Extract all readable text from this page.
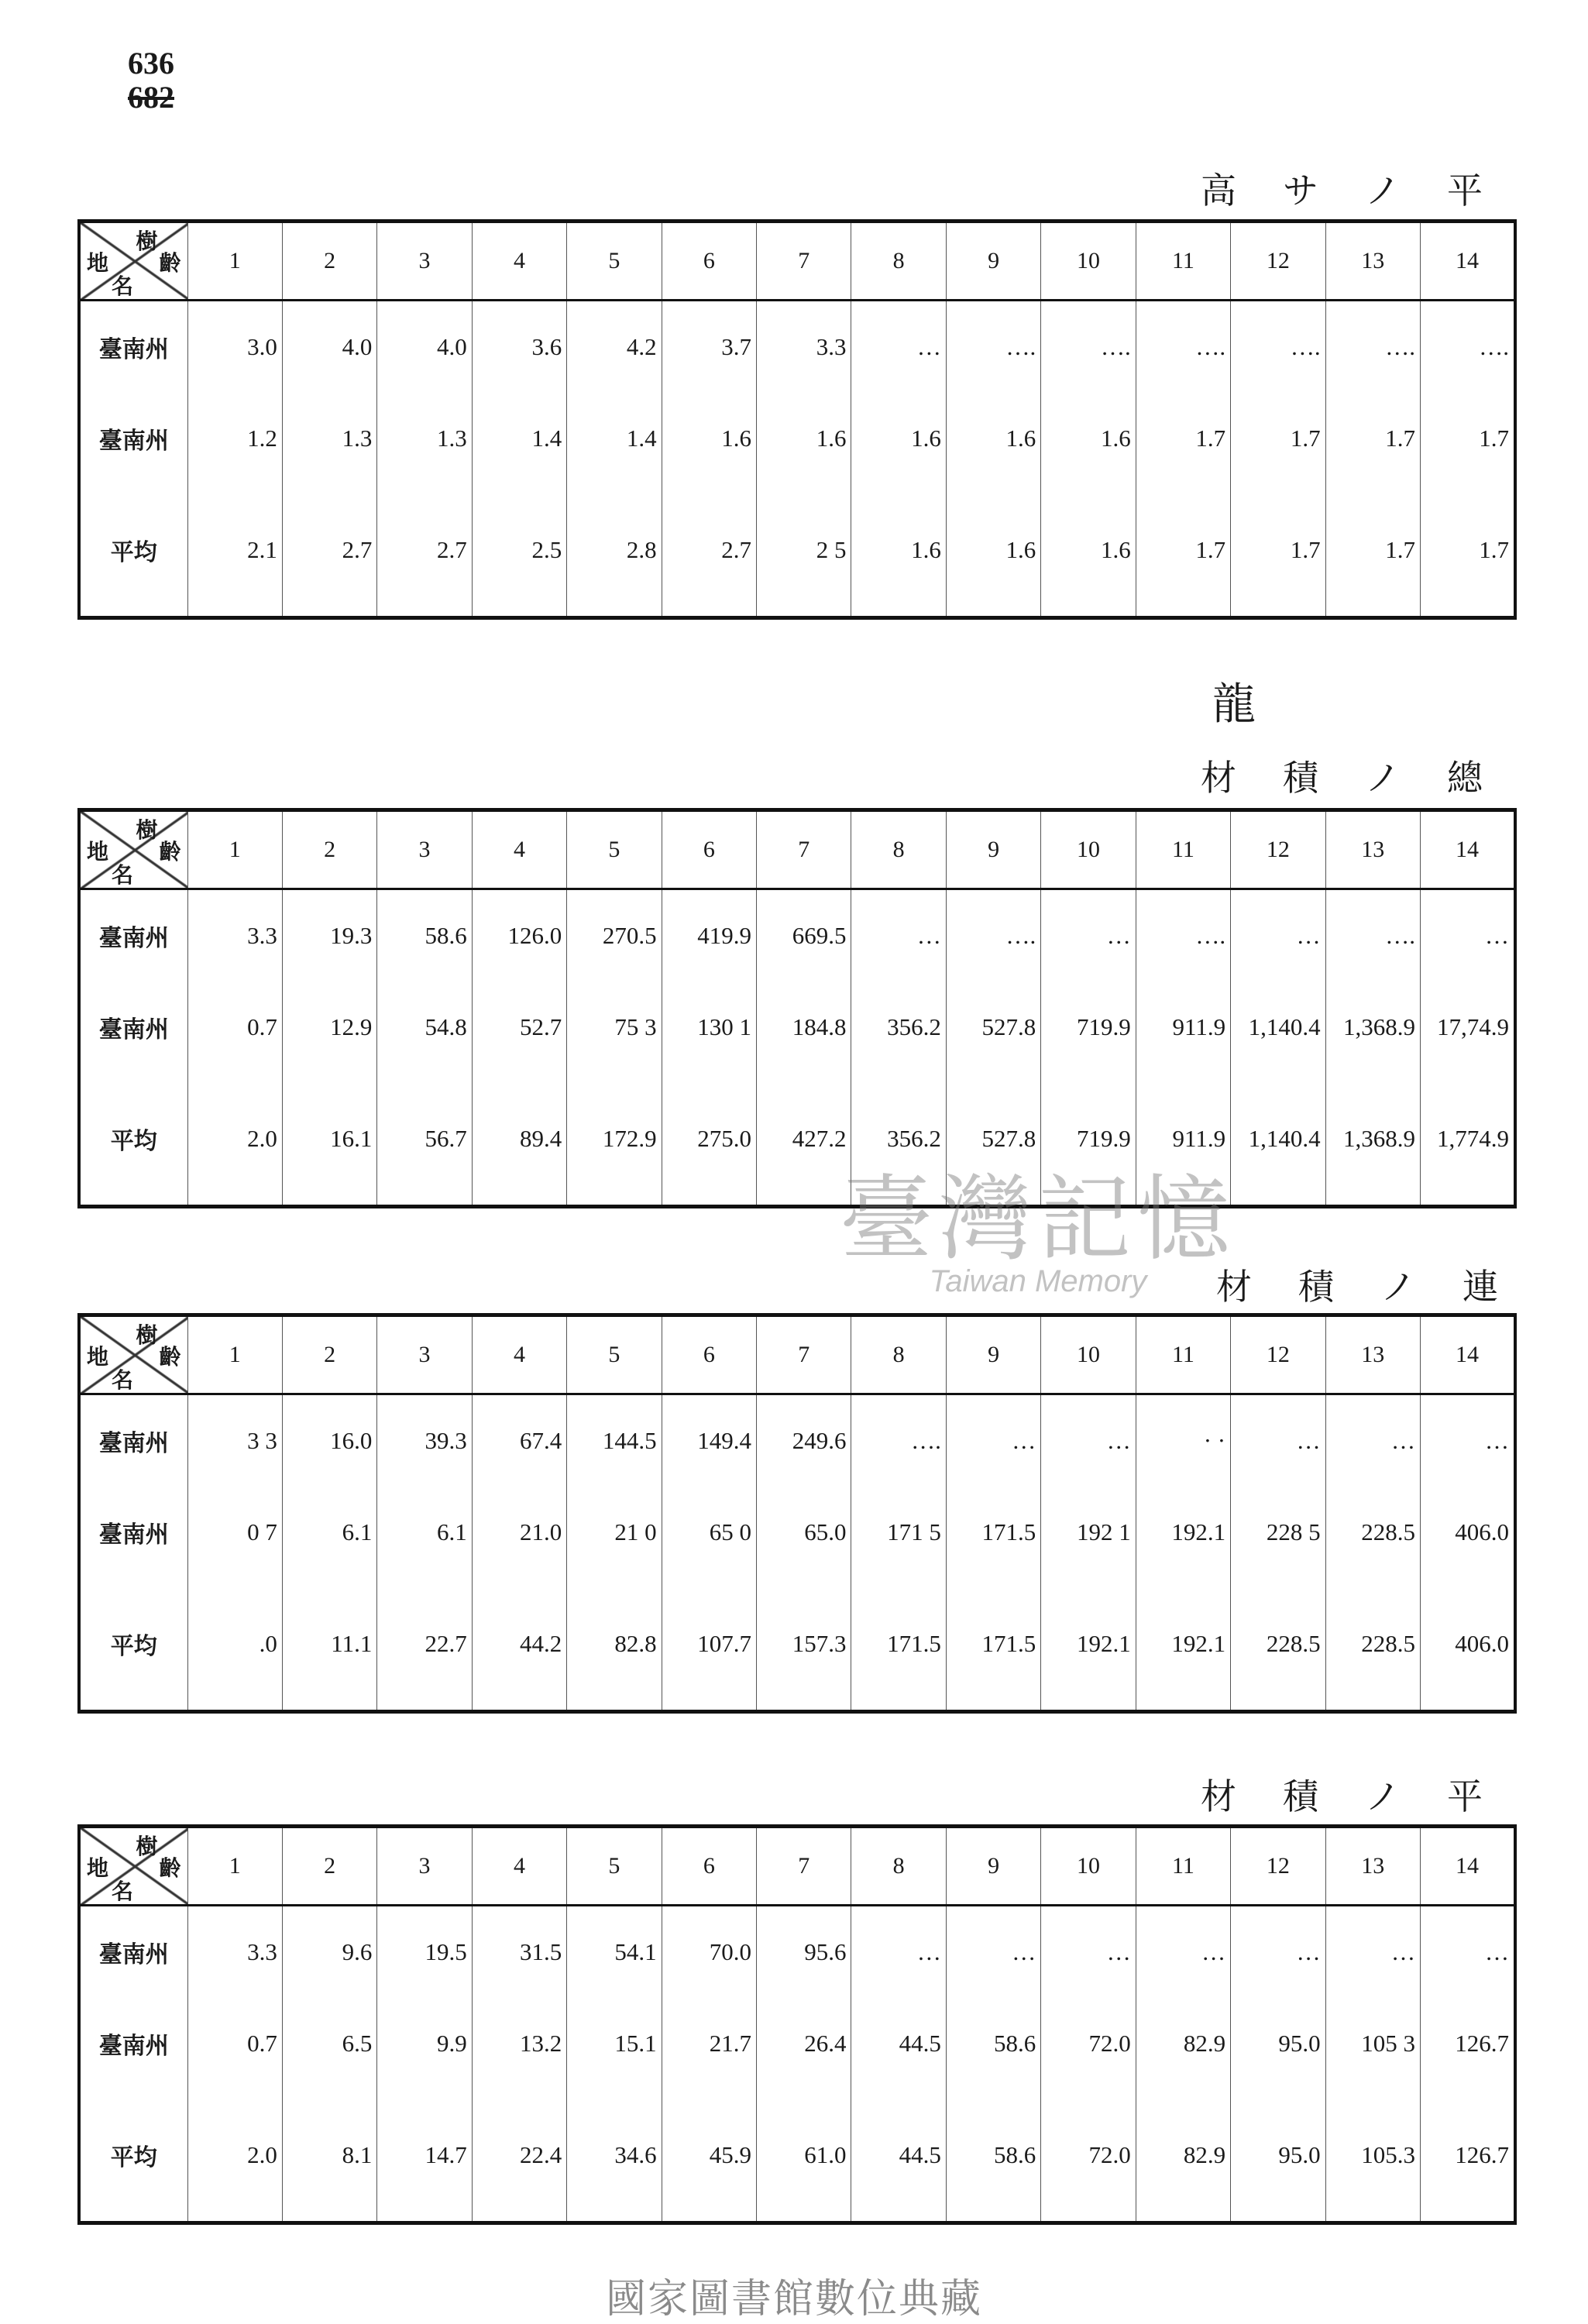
636
682
高 サ ノ 平
樹
齡
地
名	1	2	3	4	5	6	7	8	9	10	11	12	13	14
臺南州	3.0	4.0	4.0	3.6	4.2	3.7	3.3	…	….	….	….	….	….	….
臺南州	1.2	1.3	1.3	1.4	1.4	1.6	1.6	1.6	1.6	1.6	1.7	1.7	1.7	1.7
平均	2.1	2.7	2.7	2.5	2.8	2.7	2 5	1.6	1.6	1.6	1.7	1.7	1.7	1.7
龍
材 積 ノ 總
樹
齡
地
名	1	2	3	4	5	6	7	8	9	10	11	12	13	14
臺南州	3.3	19.3	58.6	126.0	270.5	419.9	669.5	…	….	…	….	…	….	…
臺南州	0.7	12.9	54.8	52.7	75 3	130 1	184.8	356.2	527.8	719.9	911.9	1,140.4	1,368.9	17,74.9
平均	2.0	16.1	56.7	89.4	172.9	275.0	427.2	356.2	527.8	719.9	911.9	1,140.4	1,368.9	1,774.9
材 積 ノ 連
樹
齡
地
名	1	2	3	4	5	6	7	8	9	10	11	12	13	14
臺南州	3 3	16.0	39.3	67.4	144.5	149.4	249.6	….	…	…	· ·	…	…	…
臺南州	0 7	6.1	6.1	21.0	21 0	65 0	65.0	171 5	171.5	192 1	192.1	228 5	228.5	406.0
平均	.0	11.1	22.7	44.2	82.8	107.7	157.3	171.5	171.5	192.1	192.1	228.5	228.5	406.0
材 積 ノ 平
樹
齡
地
名	1	2	3	4	5	6	7	8	9	10	11	12	13	14
臺南州	3.3	9.6	19.5	31.5	54.1	70.0	95.6	…	…	…	…	…	…	…
臺南州	0.7	6.5	9.9	13.2	15.1	21.7	26.4	44.5	58.6	72.0	82.9	95.0	105 3	126.7
平均	2.0	8.1	14.7	22.4	34.6	45.9	61.0	44.5	58.6	72.0	82.9	95.0	105.3	126.7
臺灣記憶
Taiwan Memory
國家圖書館數位典藏
